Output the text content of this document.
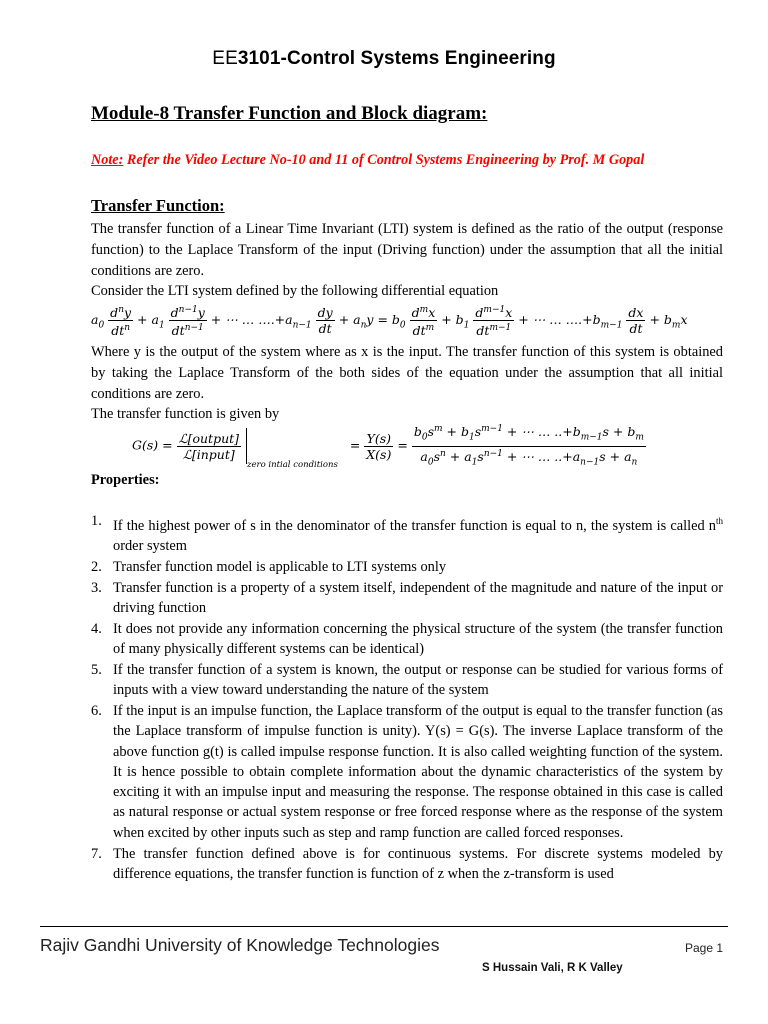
EE3101-Control Systems Engineering
Module-8 Transfer Function and Block diagram:
Note: Refer the Video Lecture No-10 and 11 of Control Systems Engineering by Prof. M Gopal
Transfer Function:
The transfer function of a Linear Time Invariant (LTI) system is defined as the ratio of the output (response function) to the Laplace Transform of the input (Driving function) under the assumption that all the initial conditions are zero.
Consider the LTI system defined by the following differential equation
$a_0 \frac{d^ny}{dt^n} + a_1 \frac{d^{n-1}y}{dt^{n-1}}$ + ⋯ … $\dots.+a_{n-1} \frac{dy}{dt} + a_ny = b_0 \frac{d^mx}{dt^m} + b_1 \frac{d^{m-1}x}{dt^{m-1}}$ + ⋯ … $\dots.+b_{m-1} \frac{dx}{dt} + b_mx$
Where y is the output of the system where as x is the input. The transfer function of this system is obtained by taking the Laplace Transform of the both sides of the equation under the assumption that all initial conditions are zero.
The transfer function is given by
$G(s) = \frac{\text{ℒ[output]}}{\text{ℒ[input]}}$
zero intial conditions = $\frac{Y(s)}{X(s)} = \frac{b_0s^m + b_1s^{m-1} + \cdots \dots ..+b_{m-1}s + b_m}{a_0s^n + a_1s^{n-1} + \cdots \dots ..+a_{n-1}s + a_n}$
Properties:
1. If the highest power of s in the denominator of the transfer function is equal to n, the system is called $n^{th}$ order system
2. Transfer function model is applicable to LTI systems only
3. Transfer function is a property of a system itself, independent of the magnitude and nature of the input or driving function
4. It does not provide any information concerning the physical structure of the system (the transfer function of many physically different systems can be identical)
5. If the transfer function of a system is known, the output or response can be studied for various forms of inputs with a view toward understanding the nature of the system
6. If the input is an impulse function, the Laplace transform of the output is equal to the transfer function (as the Laplace transform of impulse function is unity). Y(s) = G(s). The inverse Laplace transform of the above function g(t) is called impulse response function. It is also called weighting function of the system. It is hence possible to obtain complete information about the dynamic characteristics of the system by exciting it with an impulse input and measuring the response. The response obtained in this case is called as natural response or actual system response or free forced response where as the response of the system when excited by other inputs such as step and ramp function are called forced responses.
7. The transfer function defined above is for continuous systems. For discrete systems modeled by difference equations, the transfer function is function of z when the z-transform is used
Rajiv Gandhi University of Knowledge Technologies	Page 1
S Hussain Vali, R K Valley
